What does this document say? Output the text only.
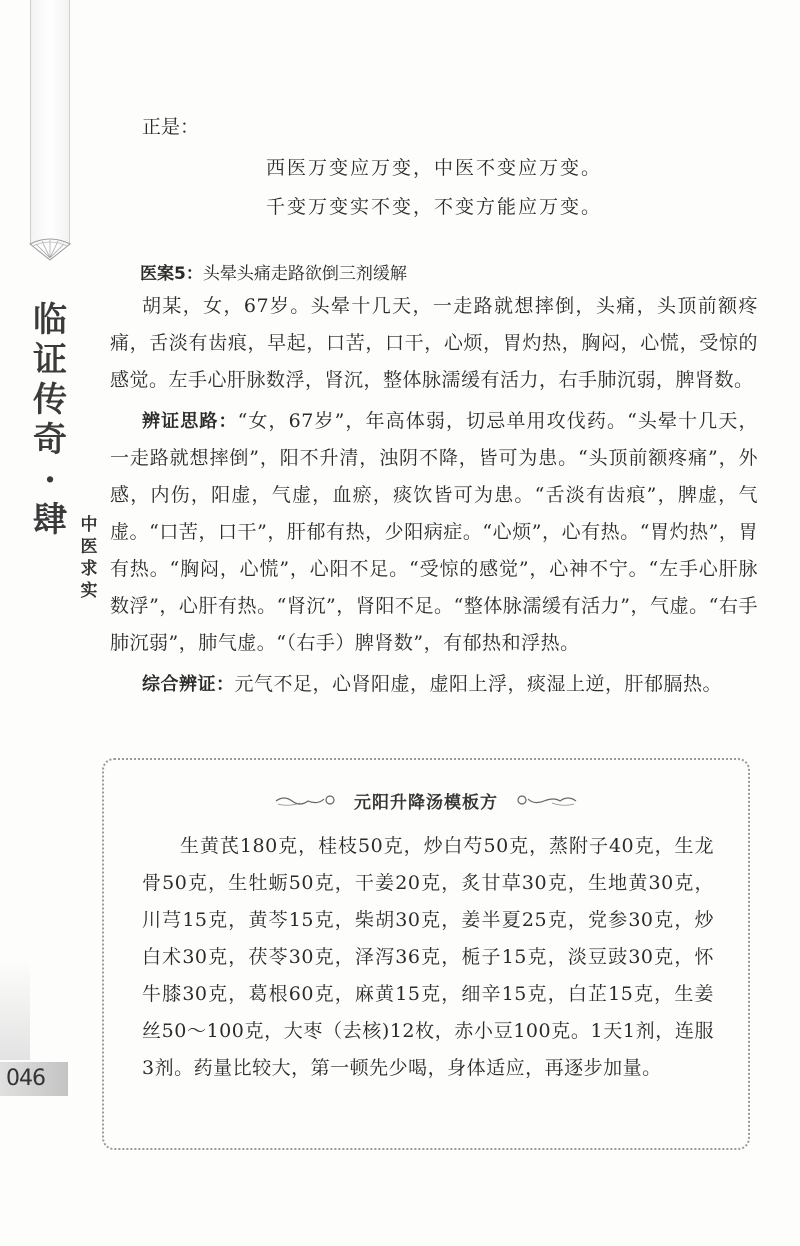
临
证
传
奇
·
肆 中
医
求
实
046

正是：

西医万变应万变，中医不变应万变。

千变万变实不变，不变方能应万变。

医案5：头晕头痛走路欲倒三剂缓解

胡某，女，67岁。头晕十几天，一走路就想摔倒，头痛，头顶前额疼痛，舌淡有齿痕，早起，口苦，口干，心烦，胃灼热，胸闷，心慌，受惊的感觉。左手心肝脉数浮，肾沉，整体脉濡缓有活力，右手肺沉弱，脾肾数。

辨证思路：“女，67岁”，年高体弱，切忌单用攻伐药。“头晕十几天，一走路就想摔倒”，阳不升清，浊阴不降，皆可为患。“头顶前额疼痛”，外感，内伤，阳虚，气虚，血瘀，痰饮皆可为患。“舌淡有齿痕”，脾虚，气虚。“口苦，口干”，肝郁有热，少阳病症。“心烦”，心有热。“胃灼热”，胃有热。“胸闷，心慌”，心阳不足。“受惊的感觉”，心神不宁。“左手心肝脉数浮”，心肝有热。“肾沉”，肾阳不足。“整体脉濡缓有活力”，气虚。“右手肺沉弱”，肺气虚。“（右手）脾肾数”，有郁热和浮热。

综合辨证：元气不足，心肾阳虚，虚阳上浮，痰湿上逆，肝郁膈热。

元阳升降汤模板方
生黄芪180克，桂枝50克，炒白芍50克，蒸附子40克，生龙骨50克，生牡蛎50克，干姜20克，炙甘草30克，生地黄30克，川芎15克，黄芩15克，柴胡30克，姜半夏25克，党参30克，炒白术30克，茯苓30克，泽泻36克，栀子15克，淡豆豉30克，怀牛膝30克，葛根60克，麻黄15克，细辛15克，白芷15克，生姜丝50～100克，大枣（去核)12枚，赤小豆100克。1天1剂，连服3剂。药量比较大，第一顿先少喝，身体适应，再逐步加量。
